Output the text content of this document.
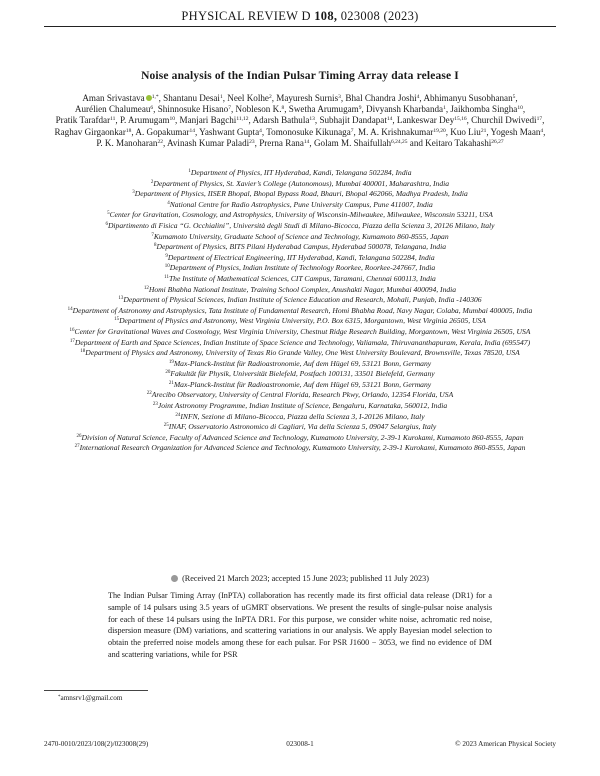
PHYSICAL REVIEW D 108, 023008 (2023)
Noise analysis of the Indian Pulsar Timing Array data release I
Aman Srivastava $^{1,*}$, Shantanu Desai$^1$, Neel Kolhe$^2$, Mayuresh Surnis$^3$, Bhal Chandra Joshi$^4$, Abhimanyu Susobhanan$^5$, Aurélien Chalumeau$^6$, Shinnosuke Hisano$^7$, Nobleson K.$^8$, Swetha Arumugam$^9$, Divyansh Kharbanda$^1$, Jaikhomba Singha$^{10}$, Pratik Tarafdar$^{11}$, P. Arumugam$^{10}$, Manjari Bagchi$^{11,12}$, Adarsh Bathula$^{13}$, Subhajit Dandapat$^{14}$, Lankeswar Dey$^{15,16}$, Churchil Dwivedi$^{17}$, Raghav Girgaonkar$^{18}$, A. Gopakumar$^{14}$, Yashwant Gupta$^4$, Tomonosuke Kikunaga$^7$, M. A. Krishnakumar$^{19,20}$, Kuo Liu$^{21}$, Yogesh Maan$^4$, P. K. Manoharan$^{22}$, Avinash Kumar Paladi$^{23}$, Prerna Rana$^{14}$, Golam M. Shaifullah$^{6,24,25}$ and Keitaro Takahashi$^{26,27}$
$^1$Department of Physics, IIT Hyderabad, Kandi, Telangana 502284, India
$^2$Department of Physics, St. Xavier’s College (Autonomous), Mumbai 400001, Maharashtra, India
$^3$Department of Physics, IISER Bhopal, Bhopal Bypass Road, Bhauri, Bhopal 462066, Madhya Pradesh, India
$^4$National Centre for Radio Astrophysics, Pune University Campus, Pune 411007, India
$^5$Center for Gravitation, Cosmology, and Astrophysics, University of Wisconsin-Milwaukee, Milwaukee, Wisconsin 53211, USA
$^6$Dipartimento di Fisica “G. Occhialini”, Università degli Studi di Milano-Bicocca, Piazza della Scienza 3, 20126 Milano, Italy
$^7$Kumamoto University, Graduate School of Science and Technology, Kumamoto 860-8555, Japan
$^8$Department of Physics, BITS Pilani Hyderabad Campus, Hyderabad 500078, Telangana, India
$^9$Department of Electrical Engineering, IIT Hyderabad, Kandi, Telangana 502284, India
$^{10}$Department of Physics, Indian Institute of Technology Roorkee, Roorkee-247667, India
$^{11}$The Institute of Mathematical Sciences, CIT Campus, Taramani, Chennai 600113, India
$^{12}$Homi Bhabha National Institute, Training School Complex, Anushakti Nagar, Mumbai 400094, India
$^{13}$Department of Physical Sciences, Indian Institute of Science Education and Research, Mohali, Punjab, India -140306
$^{14}$Department of Astronomy and Astrophysics, Tata Institute of Fundamental Research, Homi Bhabha Road, Navy Nagar, Colaba, Mumbai 400005, India
$^{15}$Department of Physics and Astronomy, West Virginia University, P.O. Box 6315, Morgantown, West Virginia 26505, USA
$^{16}$Center for Gravitational Waves and Cosmology, West Virginia University, Chestnut Ridge Research Building, Morgantown, West Virginia 26505, USA
$^{17}$Department of Earth and Space Sciences, Indian Institute of Space Science and Technology, Valiamala, Thiruvananthapuram, Kerala, India (695547)
$^{18}$Department of Physics and Astronomy, University of Texas Rio Grande Valley, One West University Boulevard, Brownsville, Texas 78520, USA
$^{19}$Max-Planck-Institut für Radioastronomie, Auf dem Hügel 69, 53121 Bonn, Germany
$^{20}$Fakultät für Physik, Universität Bielefeld, Postfach 100131, 33501 Bielefeld, Germany
$^{21}$Max-Planck-Institut für Radioastronomie, Auf dem Hügel 69, 53121 Bonn, Germany
$^{22}$Arecibo Observatory, University of Central Florida, Research Pkwy, Orlando, 12354 Florida, USA
$^{23}$Joint Astronomy Programme, Indian Institute of Science, Bengaluru, Karnataka, 560012, India
$^{24}$INFN, Sezione di Milano-Bicocca, Piazza della Scienza 3, I-20126 Milano, Italy
$^{25}$INAF, Osservatorio Astronomico di Cagliari, Via della Scienza 5, 09047 Selargius, Italy
$^{26}$Division of Natural Science, Faculty of Advanced Science and Technology, Kumamoto University, 2-39-1 Kurokami, Kumamoto 860-8555, Japan
$^{27}$International Research Organization for Advanced Science and Technology, Kumamoto University, 2-39-1 Kurokami, Kumamoto 860-8555, Japan
(Received 21 March 2023; accepted 15 June 2023; published 11 July 2023)
The Indian Pulsar Timing Array (InPTA) collaboration has recently made its first official data release (DR1) for a sample of 14 pulsars using 3.5 years of uGMRT observations. We present the results of single-pulsar noise analysis for each of these 14 pulsars using the InPTA DR1. For this purpose, we consider white noise, achromatic red noise, dispersion measure (DM) variations, and scattering variations in our analysis. We apply Bayesian model selection to obtain the preferred noise models among these for each pulsar. For PSR J1600 − 3053, we find no evidence of DM and scattering variations, while for PSR
*amnsrv1@gmail.com
2470-0010/2023/108(2)/023008(29)	023008-1	© 2023 American Physical Society
